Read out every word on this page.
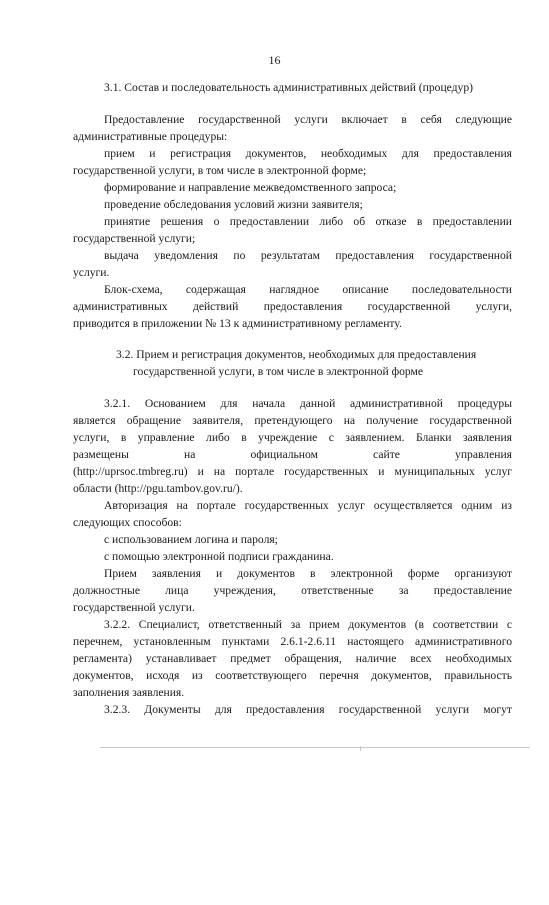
16

3.1. Состав и последовательность административных действий (процедур)

Предоставление государственной услуги включает в себя следующие

административные процедуры:

прием и регистрация документов, необходимых для предоставления

государственной услуги, в том числе в электронной форме;

формирование и направление межведомственного запроса;

проведение обследования условий жизни заявителя;

принятие решения о предоставлении либо об отказе в предоставлении

государственной услуги;

выдача уведомления по результатам предоставления государственной

услуги.

Блок-схема, содержащая наглядное описание последовательности

административных действий предоставления государственной услуги,

приводится в приложении № 13 к административному регламенту.

3.2. Прием и регистрация документов, необходимых для предоставления

государственной услуги, в том числе в электронной форме

3.2.1. Основанием для начала данной административной процедуры

является обращение заявителя, претендующего на получение государственной

услуги, в управление либо в учреждение с заявлением. Бланки заявления

размещены на официальном сайте управления

(http://uprsoc.tmbreg.ru) и на портале государственных и муниципальных услуг

области (http://pgu.tambov.gov.ru/).

Авторизация на портале государственных услуг осуществляется одним из

следующих способов:

с использованием логина и пароля;

с помощью электронной подписи гражданина.

Прием заявления и документов в электронной форме организуют

должностные лица учреждения, ответственные за предоставление

государственной услуги.

3.2.2. Специалист, ответственный за прием документов (в соответствии с

перечнем, установленным пунктами 2.6.1-2.6.11 настоящего административного

регламента) устанавливает предмет обращения, наличие всех необходимых

документов, исходя из соответствующего перечня документов, правильность

заполнения заявления.

3.2.3. Документы для предоставления государственной услуги могут
